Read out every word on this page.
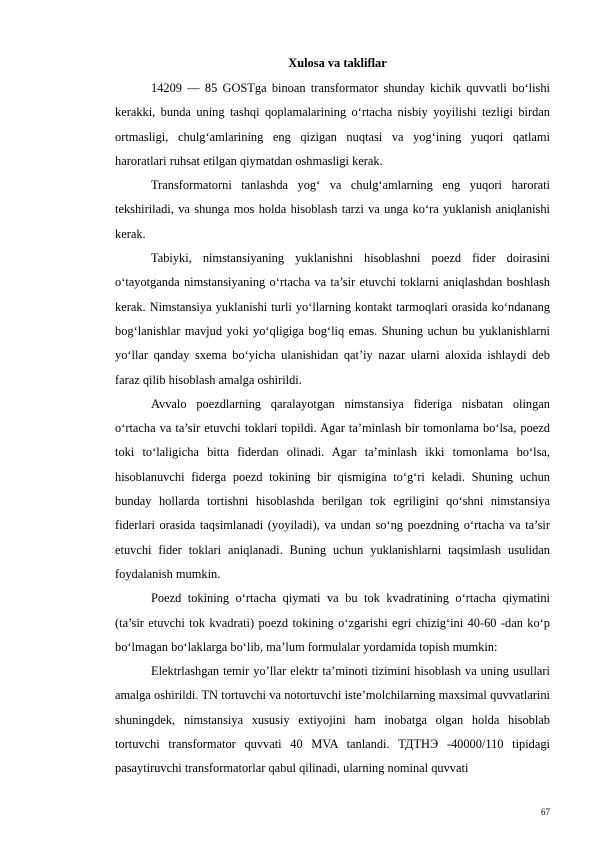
Xulosa va takliflar

14209 — 85 GOSTga binoan transformator shunday kichik quvvatli bo‘lishi kerakki, bunda uning tashqi qoplamalarining o‘rtacha nisbiy yoyilishi tezligi birdan ortmasligi, chulg‘amlarining eng qizigan nuqtasi va yog‘ining yuqori qatlami haroratlari ruhsat etilgan qiymatdan oshmasligi kerak.

Transformatorni tanlashda yog‘ va chulg‘amlarning eng yuqori harorati tekshiriladi, va shunga mos holda hisoblash tarzi va unga ko‘ra yuklanish aniqlanishi kerak.

Tabiyki, nimstansiyaning yuklanishni hisoblashni poezd fider doirasini o‘tayotganda nimstansiyaning o‘rtacha va ta’sir etuvchi toklarni aniqlashdan boshlash kerak. Nimstansiya yuklanishi turli yo‘llarning kontakt tarmoqlari orasida ko‘ndanang bog‘lanishlar mavjud yoki yo‘qligiga bog‘liq emas. Shuning uchun bu yuklanishlarni yo‘llar qanday sxema bo‘yicha ulanishidan qat’iy nazar ularni aloxida ishlaydi deb faraz qilib hisoblash amalga oshirildi.

Avvalo poezdlarning qaralayotgan nimstansiya fideriga nisbatan olingan o‘rtacha va ta’sir etuvchi toklari topildi. Agar ta’minlash bir tomonlama bo‘lsa, poezd toki to‘laligicha bitta fiderdan olinadi. Agar ta’minlash ikki tomonlama bo‘lsa, hisoblanuvchi fiderga poezd tokining bir qismigina to‘g‘ri keladi. Shuning uchun bunday hollarda tortishni hisoblashda berilgan tok egriligini qo‘shni nimstansiya fiderlari orasida taqsimlanadi (yoyiladi), va undan so‘ng poezdning o‘rtacha va ta’sir etuvchi fider toklari aniqlanadi. Buning uchun yuklanishlarni taqsimlash usulidan foydalanish mumkin.

Poezd tokining o‘rtacha qiymati va bu tok kvadratining o‘rtacha qiymatini (ta’sir etuvchi tok kvadrati) poezd tokining o‘zgarishi egri chizig‘ini 40-60 -dan ko‘p bo‘lmagan bo‘laklarga bo‘lib, ma’lum formulalar yordamida topish mumkin:

Elektrlashgan temir yo’llar elektr ta’minoti tizimini hisoblash va uning usullari amalga oshirildi. TN tortuvchi va notortuvchi iste’molchilarning maxsimal quvvatlarini shuningdek, nimstansiya xususiy extiyojini ham inobatga olgan holda hisoblab tortuvchi transformator quvvati 40 MVA tanlandi. ТДТНЭ -40000/110 tipidagi pasaytiruvchi transformatorlar qabul qilinadi, ularning nominal quvvati

67
